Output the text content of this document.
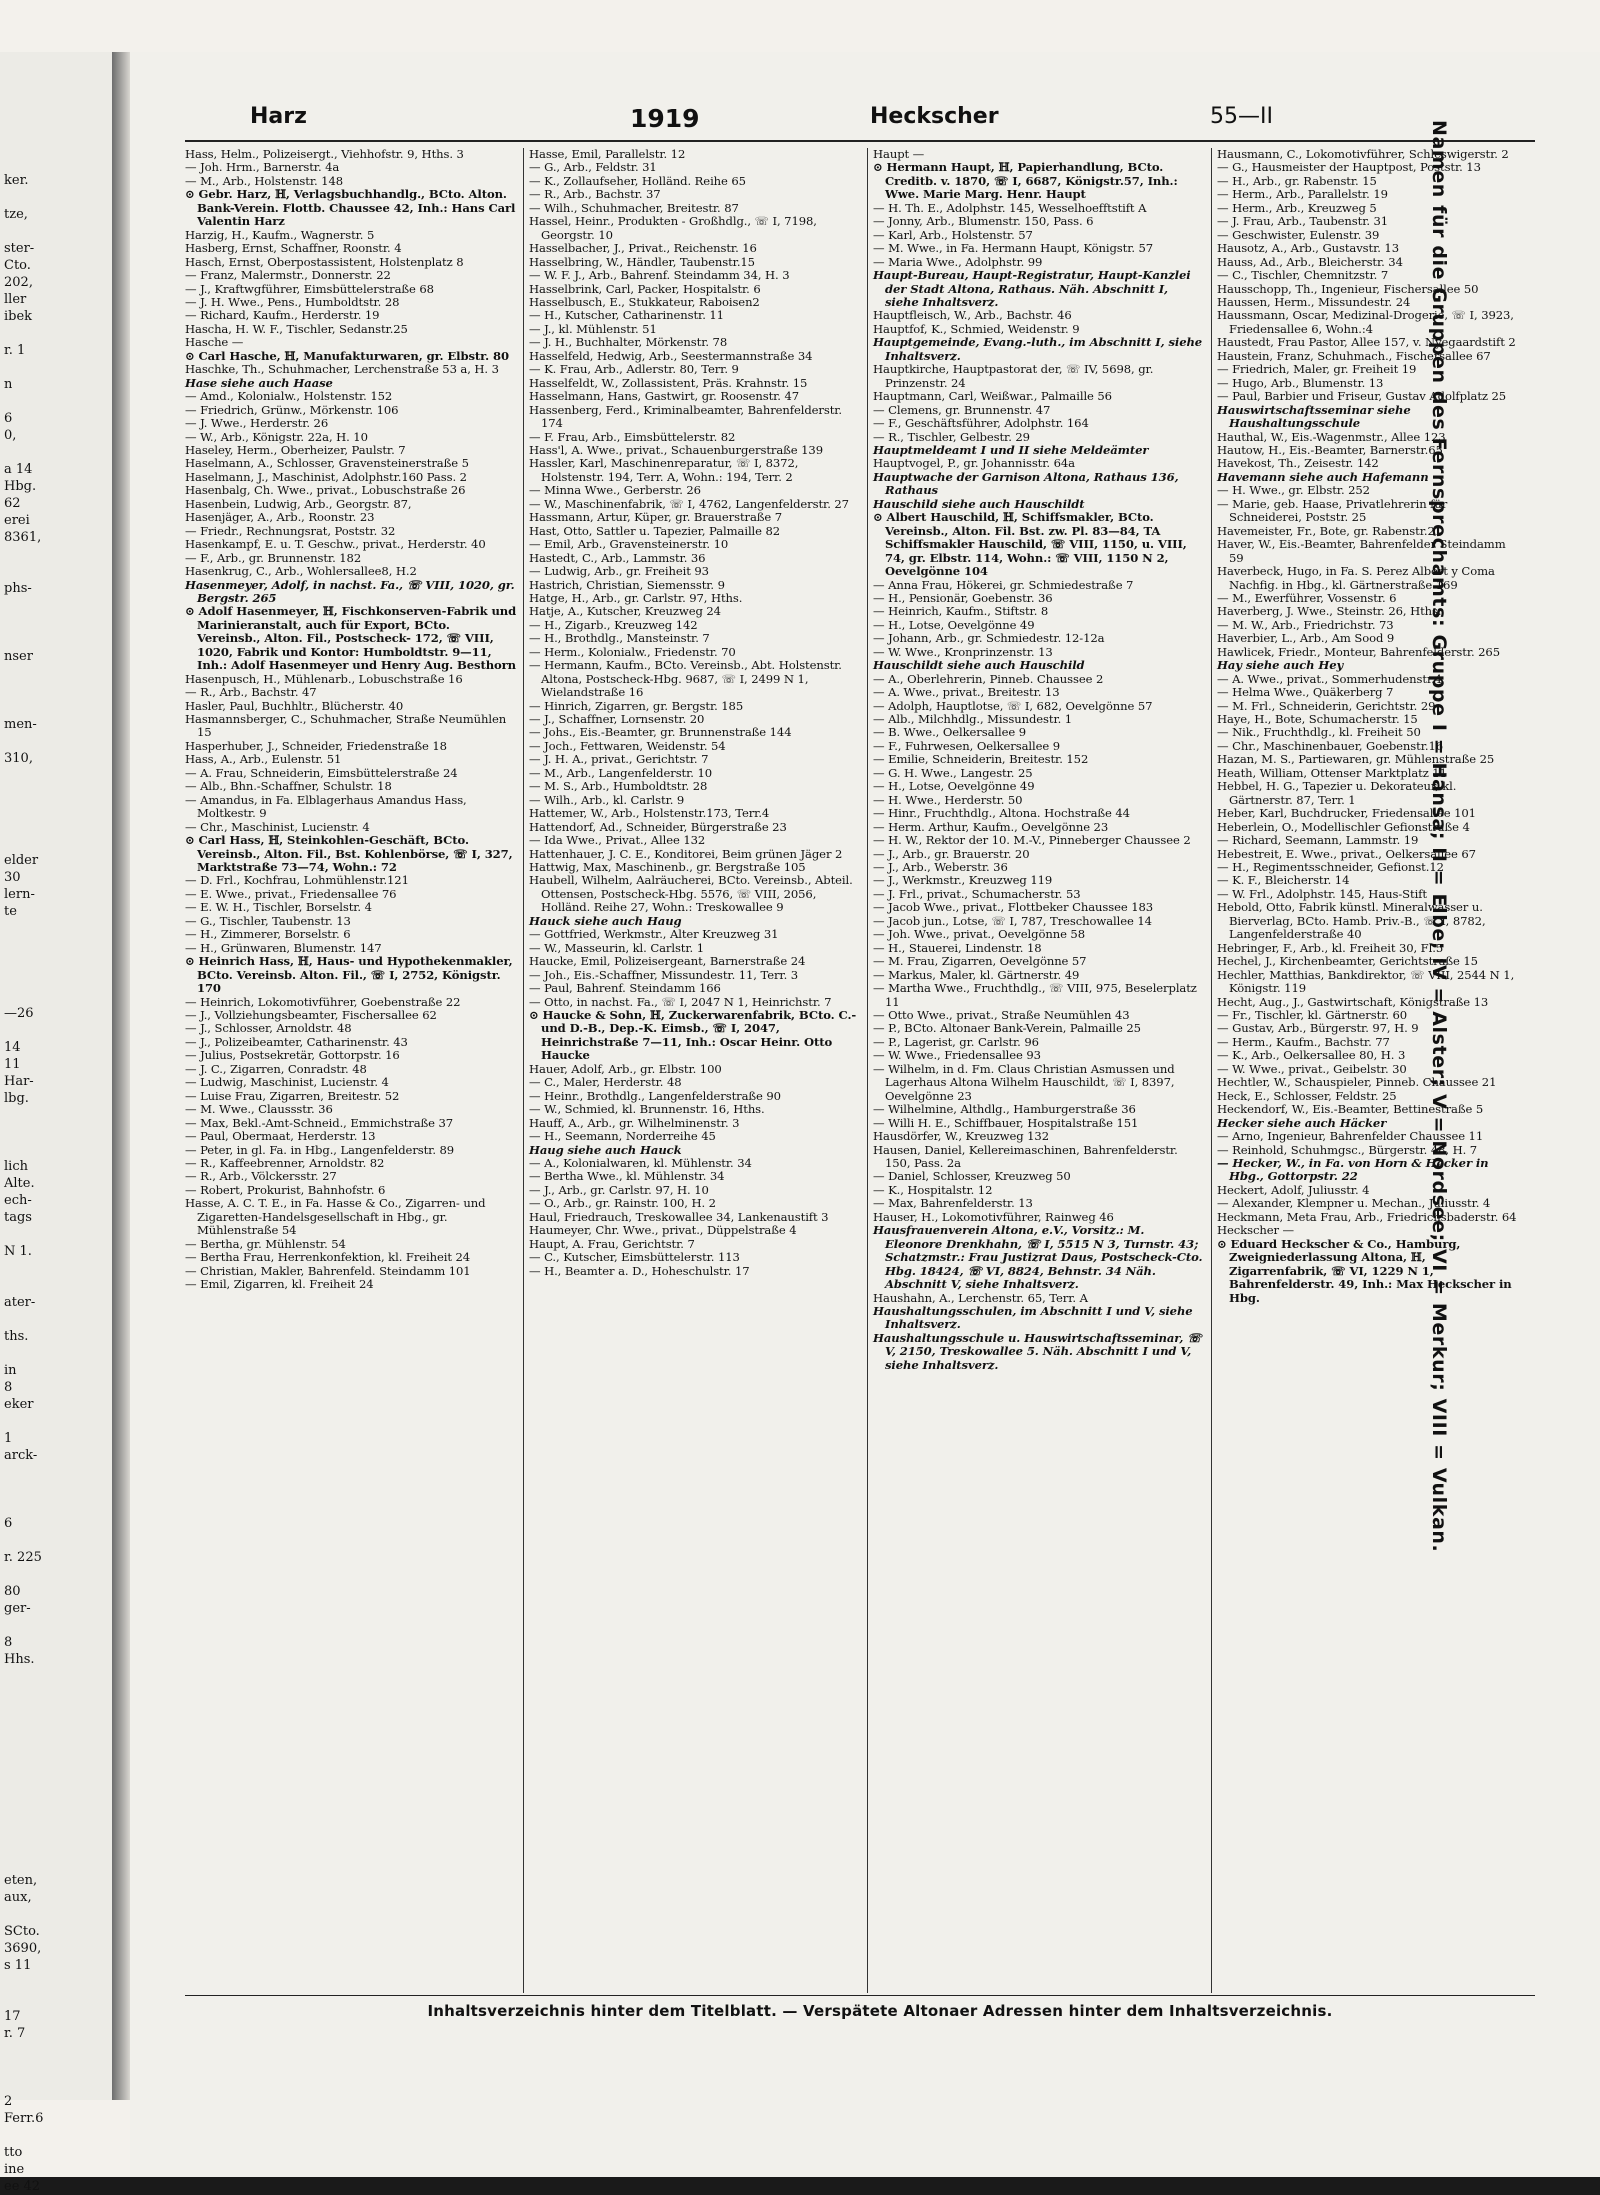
ker.

tze,

ster-
Cto.
202,
ller
ibek

r. 1

n

6
0,

a 14
Hbg.
62
erei
8361,

phs-

nser

men-

310,

elder
30
lern-
te

—26

14
11
Har-
lbg.

lich
Alte.
ech-
tags

N 1.

ater-

ths.

in
8
eker

1
arck-

6

r. 225

80
ger-

8
Hhs.

eten,
aux,

SCto.
3690,
s 11

17
r. 7

2
Ferr.6

tto
ine
ee 42
Harz	1919	Heckscher	55—II
Hass, Helm., Polizeisergt., Viehhofstr. 9, Hths. 3
— Joh. Hrm., Barnerstr. 4a
— M., Arb., Holstenstr. 148
⊙ Gebr. Harz, ℍ, Verlagsbuchhandlg., BCto. Alton. Bank-Verein. Flottb. Chaussee 42, Inh.: Hans Carl Valentin Harz
Harzig, H., Kaufm., Wagnerstr. 5
Hasberg, Ernst, Schaffner, Roonstr. 4
Hasch, Ernst, Oberpostassistent, Holstenplatz 8
— Franz, Malermstr., Donnerstr. 22
— J., Kraftwgführer, Eimsbüttelerstraße 68
— J. H. Wwe., Pens., Humboldtstr. 28
— Richard, Kaufm., Herderstr. 19
Hascha, H. W. F., Tischler, Sedanstr.25
Hasche —
⊙ Carl Hasche, ℍ, Manufakturwaren, gr. Elbstr. 80
Haschke, Th., Schuhmacher, Lerchenstraße 53 a, H. 3
Hase siehe auch Haase
— Amd., Kolonialw., Holstenstr. 152
— Friedrich, Grünw., Mörkenstr. 106
— J. Wwe., Herderstr. 26
— W., Arb., Königstr. 22a, H. 10
Haseley, Herm., Oberheizer, Paulstr. 7
Haselmann, A., Schlosser, Gravensteinerstraße 5
Haselmann, J., Maschinist, Adolphstr.160 Pass. 2
Hasenbalg, Ch. Wwe., privat., Lobuschstraße 26
Hasenbein, Ludwig, Arb., Georgstr. 87,
Hasenjäger, A., Arb., Roonstr. 23
— Friedr., Rechnungsrat, Poststr. 32
Hasenkampf, E. u. T. Geschw., privat., Herderstr. 40
— F., Arb., gr. Brunnenstr. 182
Hasenkrug, C., Arb., Wohlersallee8, H.2
Hasenmeyer, Adolf, in nachst. Fa., ☏ VIII, 1020, gr. Bergstr. 265
⊙ Adolf Hasenmeyer, ℍ, Fischkonserven-Fabrik und Marinieranstalt, auch für Export, BCto. Vereinsb., Alton. Fil., Postscheck- 172, ☏ VIII, 1020, Fabrik und Kontor: Humboldtstr. 9—11, Inh.: Adolf Hasenmeyer und Henry Aug. Besthorn
Hasenpusch, H., Mühlenarb., Lobuschstraße 16
— R., Arb., Bachstr. 47
Hasler, Paul, Buchhltr., Blücherstr. 40
Hasmannsberger, C., Schuhmacher, Straße Neumühlen 15
Hasperhuber, J., Schneider, Friedenstraße 18
Hass, A., Arb., Eulenstr. 51
— A. Frau, Schneiderin, Eimsbüttelerstraße 24
— Alb., Bhn.-Schaffner, Schulstr. 18
— Amandus, in Fa. Elblagerhaus Amandus Hass, Moltkestr. 9
— Chr., Maschinist, Lucienstr. 4
⊙ Carl Hass, ℍ, Steinkohlen-Geschäft, BCto. Vereinsb., Alton. Fil., Bst. Kohlenbörse, ☏ I, 327, Marktstraße 73—74, Wohn.: 72
— D. Frl., Kochfrau, Lohmühlenstr.121
— E. Wwe., privat., Friedensallee 76
— E. W. H., Tischler, Borselstr. 4
— G., Tischler, Taubenstr. 13
— H., Zimmerer, Borselstr. 6
— H., Grünwaren, Blumenstr. 147
⊙ Heinrich Hass, ℍ, Haus- und Hypothekenmakler, BCto. Vereinsb. Alton. Fil., ☏ I, 2752, Königstr. 170
— Heinrich, Lokomotivführer, Goebenstraße 22
— J., Vollziehungsbeamter, Fischersallee 62
— J., Schlosser, Arnoldstr. 48
— J., Polizeibeamter, Catharinenstr. 43
— Julius, Postsekretär, Gottorpstr. 16
— J. C., Zigarren, Conradstr. 48
— Ludwig, Maschinist, Lucienstr. 4
— Luise Frau, Zigarren, Breitestr. 52
— M. Wwe., Claussstr. 36
— Max, Bekl.-Amt-Schneid., Emmichstraße 37
— Paul, Obermaat, Herderstr. 13
— Peter, in gl. Fa. in Hbg., Langenfelderstr. 89
— R., Kaffeebrenner, Arnoldstr. 82
— R., Arb., Völckersstr. 27
— Robert, Prokurist, Bahnhofstr. 6
Hasse, A. C. T. E., in Fa. Hasse & Co., Zigarren- und Zigaretten-Handelsgesellschaft in Hbg., gr. Mühlenstraße 54
— Bertha, gr. Mühlenstr. 54
— Bertha Frau, Herrenkonfektion, kl. Freiheit 24
— Christian, Makler, Bahrenfeld. Steindamm 101
— Emil, Zigarren, kl. Freiheit 24
Hasse, Emil, Parallelstr. 12
— G., Arb., Feldstr. 31
— K., Zollaufseher, Holländ. Reihe 65
— R., Arb., Bachstr. 37
— Wilh., Schuhmacher, Breitestr. 87
Hassel, Heinr., Produkten - Großhdlg., ☏ I, 7198, Georgstr. 10
Hasselbacher, J., Privat., Reichenstr. 16
Hasselbring, W., Händler, Taubenstr.15
— W. F. J., Arb., Bahrenf. Steindamm 34, H. 3
Hasselbrink, Carl, Packer, Hospitalstr. 6
Hasselbusch, E., Stukkateur, Raboisen2
— H., Kutscher, Catharinenstr. 11
— J., kl. Mühlenstr. 51
— J. H., Buchhalter, Mörkenstr. 78
Hasselfeld, Hedwig, Arb., Seestermannstraße 34
— K. Frau, Arb., Adlerstr. 80, Terr. 9
Hasselfeldt, W., Zollassistent, Präs. Krahnstr. 15
Hasselmann, Hans, Gastwirt, gr. Roosenstr. 47
Hassenberg, Ferd., Kriminalbeamter, Bahrenfelderstr. 174
— F. Frau, Arb., Eimsbüttelerstr. 82
Hass'l, A. Wwe., privat., Schauenburgerstraße 139
Hassler, Karl, Maschinenreparatur, ☏ I, 8372, Holstenstr. 194, Terr. A, Wohn.: 194, Terr. 2
— Minna Wwe., Gerberstr. 26
— W., Maschinenfabrik, ☏ I, 4762, Langenfelderstr. 27
Hassmann, Artur, Küper, gr. Brauerstraße 7
Hast, Otto, Sattler u. Tapezier, Palmaille 82
— Emil, Arb., Gravensteinerstr. 10
Hastedt, C., Arb., Lammstr. 36
— Ludwig, Arb., gr. Freiheit 93
Hastrich, Christian, Siemensstr. 9
Hatge, H., Arb., gr. Carlstr. 97, Hths.
Hatje, A., Kutscher, Kreuzweg 24
— H., Zigarb., Kreuzweg 142
— H., Brothdlg., Mansteinstr. 7
— Herm., Kolonialw., Friedenstr. 70
— Hermann, Kaufm., BCto. Vereinsb., Abt. Holstenstr. Altona, Postscheck-Hbg. 9687, ☏ I, 2499 N 1, Wielandstraße 16
— Hinrich, Zigarren, gr. Bergstr. 185
— J., Schaffner, Lornsenstr. 20
— Johs., Eis.-Beamter, gr. Brunnenstraße 144
— Joch., Fettwaren, Weidenstr. 54
— J. H. A., privat., Gerichtstr. 7
— M., Arb., Langenfelderstr. 10
— M. S., Arb., Humboldtstr. 28
— Wilh., Arb., kl. Carlstr. 9
Hattemer, W., Arb., Holstenstr.173, Terr.4
Hattendorf, Ad., Schneider, Bürgerstraße 23
— Ida Wwe., Privat., Allee 132
Hattenhauer, J. C. E., Konditorei, Beim grünen Jäger 2
Hattwig, Max, Maschinenb., gr. Bergstraße 105
Haubell, Wilhelm, Aalräucherei, BCto. Vereinsb., Abteil. Ottensen, Postscheck-Hbg. 5576, ☏ VIII, 2056, Holländ. Reihe 27, Wohn.: Treskowallee 9
Hauck siehe auch Haug
— Gottfried, Werkmstr., Alter Kreuzweg 31
— W., Masseurin, kl. Carlstr. 1
Haucke, Emil, Polizeisergeant, Barnerstraße 24
— Joh., Eis.-Schaffner, Missundestr. 11, Terr. 3
— Paul, Bahrenf. Steindamm 166
— Otto, in nachst. Fa., ☏ I, 2047 N 1, Heinrichstr. 7
⊙ Haucke & Sohn, ℍ, Zuckerwarenfabrik, BCto. C.- und D.-B., Dep.-K. Eimsb., ☏ I, 2047, Heinrichstraße 7—11, Inh.: Oscar Heinr. Otto Haucke
Hauer, Adolf, Arb., gr. Elbstr. 100
— C., Maler, Herderstr. 48
— Heinr., Brothdlg., Langenfelderstraße 90
— W., Schmied, kl. Brunnenstr. 16, Hths.
Hauff, A., Arb., gr. Wilhelminenstr. 3
— H., Seemann, Norderreihe 45
Haug siehe auch Hauck
— A., Kolonialwaren, kl. Mühlenstr. 34
— Bertha Wwe., kl. Mühlenstr. 34
— J., Arb., gr. Carlstr. 97, H. 10
— O., Arb., gr. Rainstr. 100, H. 2
Haul, Friedrauch, Treskowallee 34, Lankenaustift 3
Haumeyer, Chr. Wwe., privat., Düppelstraße 4
Haupt, A. Frau, Gerichtstr. 7
— C., Kutscher, Eimsbüttelerstr. 113
— H., Beamter a. D., Hoheschulstr. 17
Haupt —
⊙ Hermann Haupt, ℍ, Papierhandlung, BCto. Creditb. v. 1870, ☏ I, 6687, Königstr.57, Inh.: Wwe. Marie Marg. Henr. Haupt
— H. Th. E., Adolphstr. 145, Wesselhoefftstift A
— Jonny, Arb., Blumenstr. 150, Pass. 6
— Karl, Arb., Holstenstr. 57
— M. Wwe., in Fa. Hermann Haupt, Königstr. 57
— Maria Wwe., Adolphstr. 99
Haupt-Bureau, Haupt-Registratur, Haupt-Kanzlei der Stadt Altona, Rathaus. Näh. Abschnitt I, siehe Inhaltsverz.
Hauptfleisch, W., Arb., Bachstr. 46
Hauptfof, K., Schmied, Weidenstr. 9
Hauptgemeinde, Evang.-luth., im Abschnitt I, siehe Inhaltsverz.
Hauptkirche, Hauptpastorat der, ☏ IV, 5698, gr. Prinzenstr. 24
Hauptmann, Carl, Weißwar., Palmaille 56
— Clemens, gr. Brunnenstr. 47
— F., Geschäftsführer, Adolphstr. 164
— R., Tischler, Gelbestr. 29
Hauptmeldeamt I und II siehe Meldeämter
Hauptvogel, P., gr. Johannisstr. 64a
Hauptwache der Garnison Altona, Rathaus 136, Rathaus
Hauschild siehe auch Hauschildt
⊙ Albert Hauschild, ℍ, Schiffsmakler, BCto. Vereinsb., Alton. Fil. Bst. zw. Pl. 83—84, TA Schiffsmakler Hauschild, ☏ VIII, 1150, u. VIII, 74, gr. Elbstr. 114, Wohn.: ☏ VIII, 1150 N 2, Oevelgönne 104
— Anna Frau, Hökerei, gr. Schmiedestraße 7
— H., Pensionär, Goebenstr. 36
— Heinrich, Kaufm., Stiftstr. 8
— H., Lotse, Oevelgönne 49
— Johann, Arb., gr. Schmiedestr. 12-12a
— W. Wwe., Kronprinzenstr. 13
Hauschildt siehe auch Hauschild
— A., Oberlehrerin, Pinneb. Chaussee 2
— A. Wwe., privat., Breitestr. 13
— Adolph, Hauptlotse, ☏ I, 682, Oevelgönne 57
— Alb., Milchhdlg., Missundestr. 1
— B. Wwe., Oelkersallee 9
— F., Fuhrwesen, Oelkersallee 9
— Emilie, Schneiderin, Breitestr. 152
— G. H. Wwe., Langestr. 25
— H., Lotse, Oevelgönne 49
— H. Wwe., Herderstr. 50
— Hinr., Fruchthdlg., Altona. Hochstraße 44
— Herm. Arthur, Kaufm., Oevelgönne 23
— H. W., Rektor der 10. M.-V., Pinneberger Chaussee 2
— J., Arb., gr. Brauerstr. 20
— J., Arb., Weberstr. 36
— J., Werkmstr., Kreuzweg 119
— J. Frl., privat., Schumacherstr. 53
— Jacob Wwe., privat., Flottbeker Chaussee 183
— Jacob jun., Lotse, ☏ I, 787, Treschowallee 14
— Joh. Wwe., privat., Oevelgönne 58
— H., Stauerei, Lindenstr. 18
— M. Frau, Zigarren, Oevelgönne 57
— Markus, Maler, kl. Gärtnerstr. 49
— Martha Wwe., Fruchthdlg., ☏ VIII, 975, Beselerplatz 11
— Otto Wwe., privat., Straße Neumühlen 43
— P., BCto. Altonaer Bank-Verein, Palmaille 25
— P., Lagerist, gr. Carlstr. 96
— W. Wwe., Friedensallee 93
— Wilhelm, in d. Fm. Claus Christian Asmussen und Lagerhaus Altona Wilhelm Hauschildt, ☏ I, 8397, Oevelgönne 23
— Wilhelmine, Althdlg., Hamburgerstraße 36
— Willi H. E., Schiffbauer, Hospitalstraße 151
Hausdörfer, W., Kreuzweg 132
Hausen, Daniel, Kellereimaschinen, Bahrenfelderstr. 150, Pass. 2a
— Daniel, Schlosser, Kreuzweg 50
— K., Hospitalstr. 12
— Max, Bahrenfelderstr. 13
Hauser, H., Lokomotivführer, Rainweg 46
Hausfrauenverein Altona, e.V., Vorsitz.: M. Eleonore Drenkhahn, ☏ I, 5515 N 3, Turnstr. 43; Schatzmstr.: Frau Justizrat Daus, Postscheck-Cto. Hbg. 18424, ☏ VI, 8824, Behnstr. 34 Näh. Abschnitt V, siehe Inhaltsverz.
Haushahn, A., Lerchenstr. 65, Terr. A
Haushaltungsschulen, im Abschnitt I und V, siehe Inhaltsverz.
Haushaltungsschule u. Hauswirtschaftsseminar, ☏ V, 2150, Treskowallee 5. Näh. Abschnitt I und V, siehe Inhaltsverz.
Hausmann, C., Lokomotivführer, Schleswigerstr. 2
— G., Hausmeister der Hauptpost, Poststr. 13
— H., Arb., gr. Rabenstr. 15
— Herm., Arb., Parallelstr. 19
— Herm., Arb., Kreuzweg 5
— J. Frau, Arb., Taubenstr. 31
— Geschwister, Eulenstr. 39
Hausotz, A., Arb., Gustavstr. 13
Hauss, Ad., Arb., Bleicherstr. 34
— C., Tischler, Chemnitzstr. 7
Hausschopp, Th., Ingenieur, Fischersallee 50
Haussen, Herm., Missundestr. 24
Haussmann, Oscar, Medizinal-Drogerie, ☏ I, 3923, Friedensallee 6, Wohn.:4
Haustedt, Frau Pastor, Allee 157, v. Nyegaardstift 2
Haustein, Franz, Schuhmach., Fischersallee 67
— Friedrich, Maler, gr. Freiheit 19
— Hugo, Arb., Blumenstr. 13
— Paul, Barbier und Friseur, Gustav Adolfplatz 25
Hauswirtschaftsseminar siehe Haushaltungsschule
Hauthal, W., Eis.-Wagenmstr., Allee 123
Hautow, H., Eis.-Beamter, Barnerstr.65
Havekost, Th., Zeisestr. 142
Havemann siehe auch Hafemann
— H. Wwe., gr. Elbstr. 252
— Marie, geb. Haase, Privatlehrerin für Schneiderei, Poststr. 25
Havemeister, Fr., Bote, gr. Rabenstr.21
Haver, W., Eis.-Beamter, Bahrenfelder Steindamm 59
Haverbeck, Hugo, in Fa. S. Perez Albert y Coma Nachfig. in Hbg., kl. Gärtnerstraße 169
— M., Ewerführer, Vossenstr. 6
Haverberg, J. Wwe., Steinstr. 26, Hths.
— M. W., Arb., Friedrichstr. 73
Haverbier, L., Arb., Am Sood 9
Hawlicek, Friedr., Monteur, Bahrenfelderstr. 265
Hay siehe auch Hey
— A. Wwe., privat., Sommerhudenstr.4
— Helma Wwe., Quäkerberg 7
— M. Frl., Schneiderin, Gerichtstr. 29
Haye, H., Bote, Schumacherstr. 15
— Nik., Fruchthdlg., kl. Freiheit 50
— Chr., Maschinenbauer, Goebenstr.16
Hazan, M. S., Partiewaren, gr. Mühlenstraße 25
Heath, William, Ottenser Marktplatz 11
Hebbel, H. G., Tapezier u. Dekorateur, kl. Gärtnerstr. 87, Terr. 1
Heber, Karl, Buchdrucker, Friedensallee 101
Heberlein, O., Modellischler Gefionstraße 4
— Richard, Seemann, Lammstr. 19
Hebestreit, E. Wwe., privat., Oelkersallee 67
— H., Regimentsschneider, Gefionst.12
— K. F., Bleicherstr. 14
— W. Frl., Adolphstr. 145, Haus-Stift
Hebold, Otto, Fabrik künstl. Mineralwasser u. Bierverlag, BCto. Hamb. Priv.-B., ☏ I, 8782, Langenfelderstraße 40
Hebringer, F., Arb., kl. Freiheit 30, Fl.5
Hechel, J., Kirchenbeamter, Gerichtstraße 15
Hechler, Matthias, Bankdirektor, ☏ VIII, 2544 N 1, Königstr. 119
Hecht, Aug., J., Gastwirtschaft, Königstraße 13
— Fr., Tischler, kl. Gärtnerstr. 60
— Gustav, Arb., Bürgerstr. 97, H. 9
— Herm., Kaufm., Bachstr. 77
— K., Arb., Oelkersallee 80, H. 3
— W. Wwe., privat., Geibelstr. 30
Hechtler, W., Schauspieler, Pinneb. Chaussee 21
Heck, E., Schlosser, Feldstr. 25
Heckendorf, W., Eis.-Beamter, Bettinestraße 5
Hecker siehe auch Häcker
— Arno, Ingenieur, Bahrenfelder Chaussee 11
— Reinhold, Schuhmgsc., Bürgerstr. 48, H. 7
— Hecker, W., in Fa. von Horn & Hecker in Hbg., Gottorpstr. 22
Heckert, Adolf, Juliusstr. 4
— Alexander, Klempner u. Mechan., Juliusstr. 4
Heckmann, Meta Frau, Arb., Friedrichsbaderstr. 64
Heckscher —
⊙ Eduard Heckscher & Co., Hamburg, Zweigniederlassung Altona, ℍ, Zigarrenfabrik, ☏ VI, 1229 N 1, Bahrenfelderstr. 49, Inh.: Max Heckscher in Hbg.
Inhaltsverzeichnis hinter dem Titelblatt. — Verspätete Altonaer Adressen hinter dem Inhaltsverzeichnis.
Namen für die Gruppen des Fernsprechamts: Gruppe I = Hansa; II = Elbe; IV = Alster; V = Nordsee; VI = Merkur; VIII = Vulkan.
